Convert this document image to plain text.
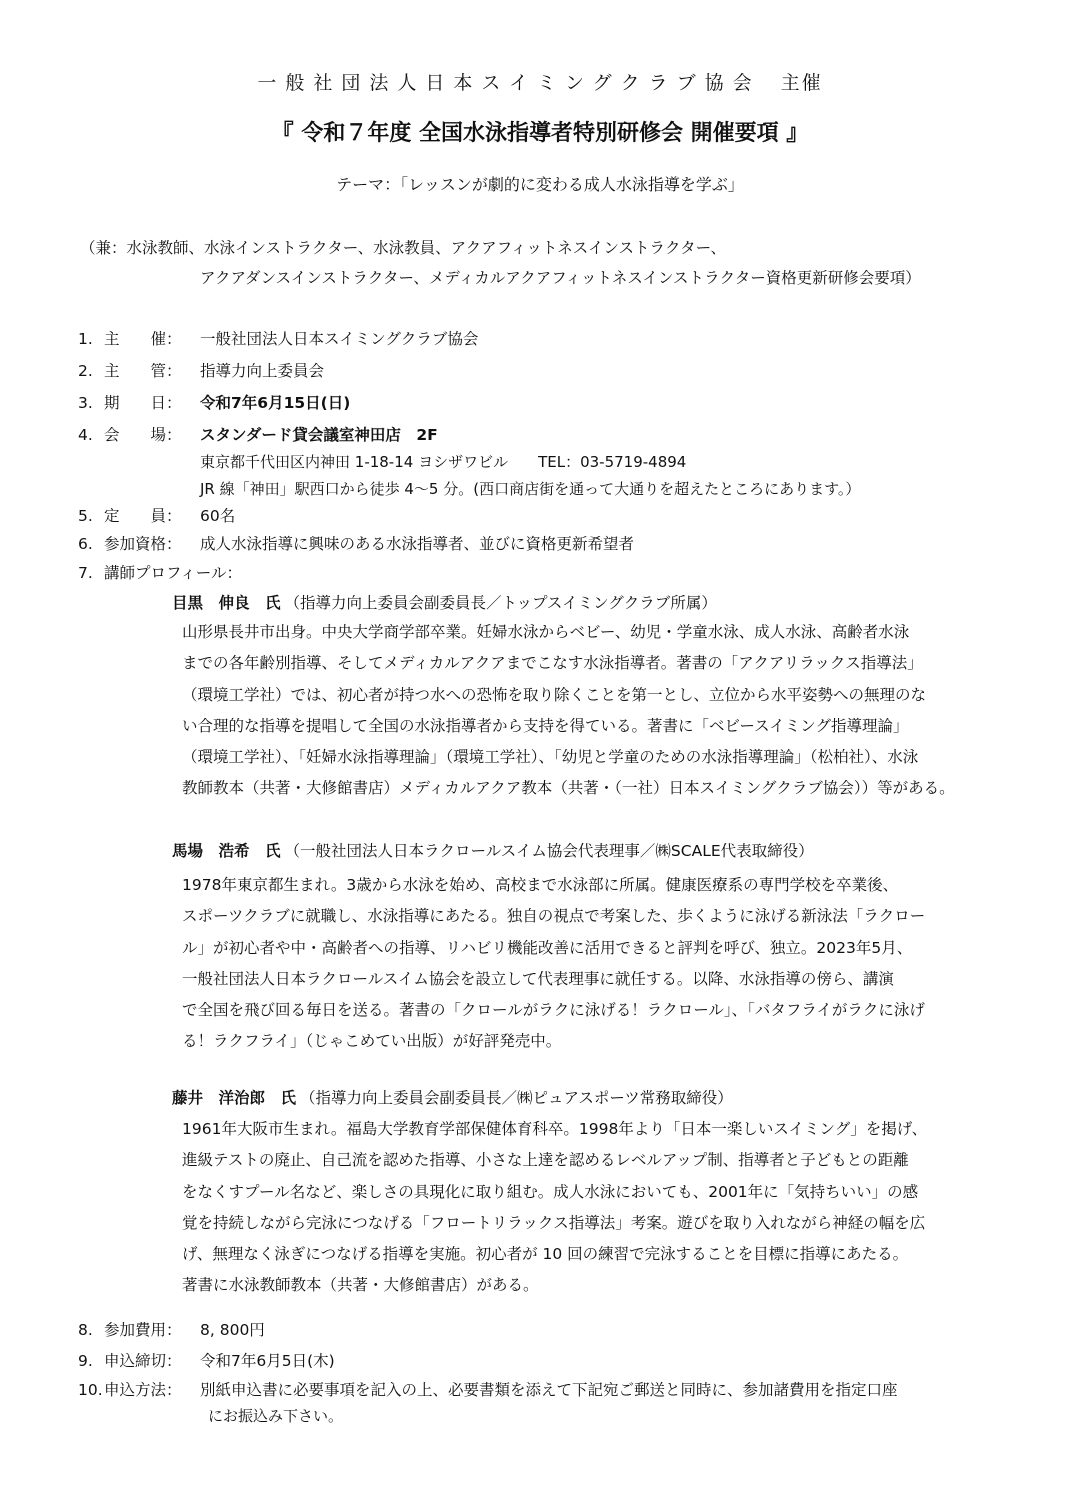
一般社団法人日本スイミングクラブ協会 主催
『 令和７年度 全国水泳指導者特別研修会 開催要項 』
テーマ：「レッスンが劇的に変わる成人水泳指導を学ぶ」
（兼：水泳教師、水泳インストラクター、水泳教員、アクアフィットネスインストラクター、
アクアダンスインストラクター、メディカルアクアフィットネスインストラクター資格更新研修会要項）
1. 主　　催： 一般社団法人日本スイミングクラブ協会
2. 主　　管： 指導力向上委員会
3. 期　　日： 令和7年6月15日(日)
4. 会　　場： スタンダード貸会議室神田店　2F
東京都千代田区内神田 1-18-14 ヨシザワビル　　TEL：03-5719-4894
JR 線「神田」駅西口から徒歩 4～5 分。(西口商店街を通って大通りを超えたところにあります。）
5. 定　　員： 60名
6. 参加資格： 成人水泳指導に興味のある水泳指導者、並びに資格更新希望者
7. 講師プロフィール：
目黒　伸良　氏 （指導力向上委員会副委員長／トップスイミングクラブ所属）
山形県長井市出身。中央大学商学部卒業。妊婦水泳からベビー、幼児・学童水泳、成人水泳、高齢者水泳
までの各年齢別指導、そしてメディカルアクアまでこなす水泳指導者。著書の「アクアリラックス指導法」
（環境工学社）では、初心者が持つ水への恐怖を取り除くことを第一とし、立位から水平姿勢への無理のな
い合理的な指導を提唱して全国の水泳指導者から支持を得ている。著書に「ベビースイミング指導理論」
（環境工学社）、「妊婦水泳指導理論」（環境工学社）、「幼児と学童のための水泳指導理論」（松柏社）、水泳
教師教本（共著・大修館書店）メディカルアクア教本（共著・（一社）日本スイミングクラブ協会））等がある。
馬場　浩希　氏 （一般社団法人日本ラクロールスイム協会代表理事／㈱SCALE代表取締役）
1978年東京都生まれ。3歳から水泳を始め、高校まで水泳部に所属。健康医療系の専門学校を卒業後、
スポーツクラブに就職し、水泳指導にあたる。独自の視点で考案した、歩くように泳げる新泳法「ラクロー
ル」が初心者や中・高齢者への指導、リハビリ機能改善に活用できると評判を呼び、独立。2023年5月、
一般社団法人日本ラクロールスイム協会を設立して代表理事に就任する。以降、水泳指導の傍ら、講演
で全国を飛び回る毎日を送る。著書の「クロールがラクに泳げる！ラクロール」、「バタフライがラクに泳げ
る！ラクフライ」（じゃこめてい出版）が好評発売中。
藤井　洋治郎　氏 （指導力向上委員会副委員長／㈱ピュアスポーツ常務取締役）
1961年大阪市生まれ。福島大学教育学部保健体育科卒。1998年より「日本一楽しいスイミング」を掲げ、
進級テストの廃止、自己流を認めた指導、小さな上達を認めるレベルアップ制、指導者と子どもとの距離
をなくすプール名など、楽しさの具現化に取り組む。成人水泳においても、2001年に「気持ちいい」の感
覚を持続しながら完泳につなげる「フロートリラックス指導法」考案。遊びを取り入れながら神経の幅を広
げ、無理なく泳ぎにつなげる指導を実施。初心者が 10 回の練習で完泳することを目標に指導にあたる。
著書に水泳教師教本（共著・大修館書店）がある。
8. 参加費用： 8, 800円
9. 申込締切： 令和7年6月5日(木)
10.申込方法： 別紙申込書に必要事項を記入の上、必要書類を添えて下記宛ご郵送と同時に、参加諸費用を指定口座
にお振込み下さい。
